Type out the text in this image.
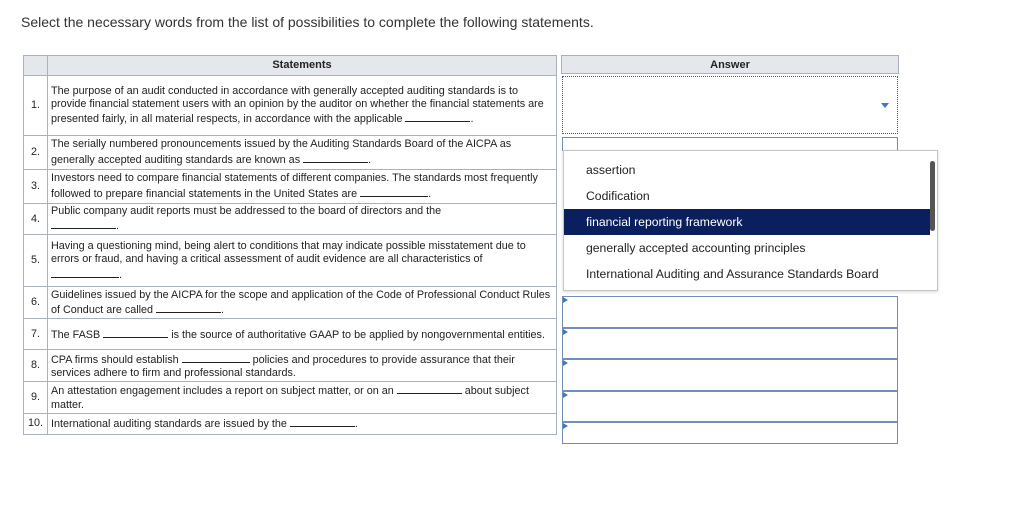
Select the necessary words from the list of possibilities to complete the following statements.
	Statements
1.	The purpose of an audit conducted in accordance with generally accepted auditing standards is to provide financial statement users with an opinion by the auditor on whether the financial statements are presented fairly, in all material respects, in accordance with the applicable .
2.	The serially numbered pronouncements issued by the Auditing Standards Board of the AICPA as generally accepted auditing standards are known as .
3.	Investors need to compare financial statements of different companies. The standards most frequently followed to prepare financial statements in the United States are .
4.	Public company audit reports must be addressed to the board of directors and the
.
5.	Having a questioning mind, being alert to conditions that may indicate possible misstatement due to errors or fraud, and having a critical assessment of audit evidence are all characteristics of .
6.	Guidelines issued by the AICPA for the scope and application of the Code of Professional Conduct Rules of Conduct are called .
7.	The FASB is the source of authoritative GAAP to be applied by nongovernmental entities.
8.	CPA firms should establish policies and procedures to provide assurance that their services adhere to firm and professional standards.
9.	An attestation engagement includes a report on subject matter, or on an about subject matter.
10.	International auditing standards are issued by the .
Answer
assertion
Codification
financial reporting framework
generally accepted accounting principles
International Auditing and Assurance Standards Board
